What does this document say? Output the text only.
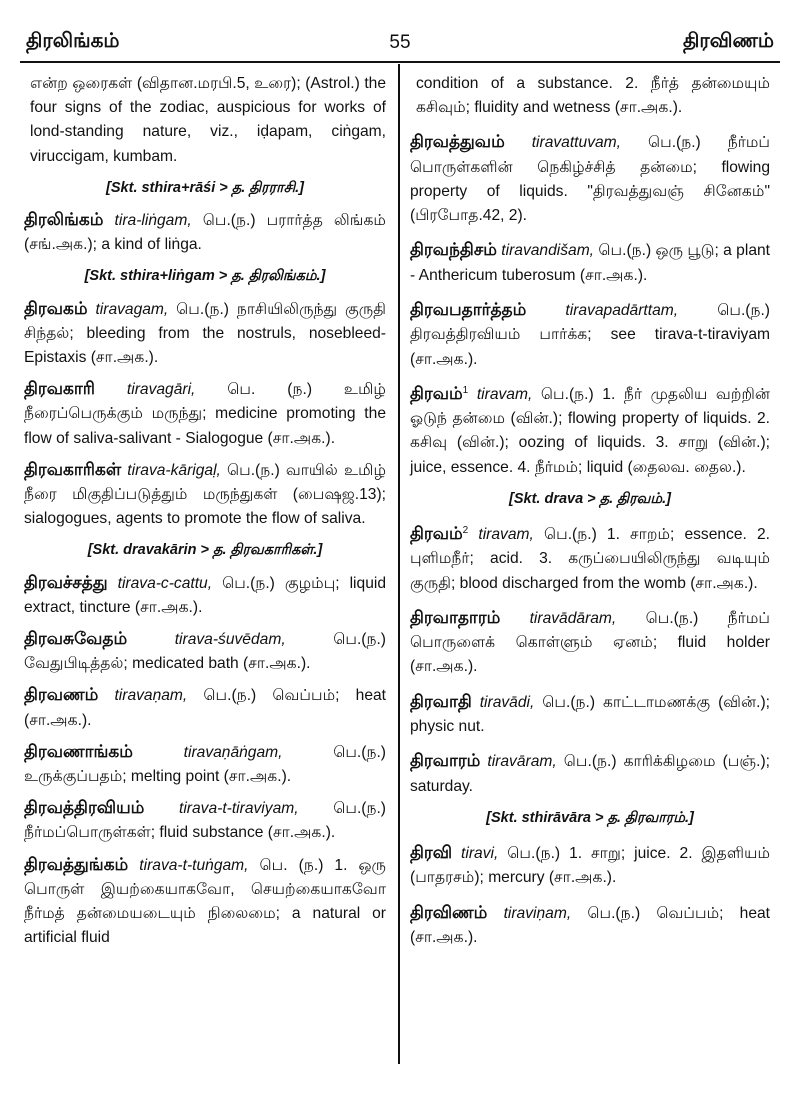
திரலிங்கம்	55	திரவிணம்

என்ற ஒரைகள் (விதான.மரபி.5, உரை); (Astrol.) the four signs of the zodiac, auspicious for works of lond-standing nature, viz., iḍapam, ciṅgam, viruccigam, kumbam.

[Skt. sthira+rāśi > த. திரராசி.]

திரலிங்கம் tira-liṅgam, பெ.(ந.) பரார்த்த லிங்கம் (சங்.அக.); a kind of liṅga.

[Skt. sthira+liṅgam > த. திரலிங்கம்.]

திரவகம் tiravagam, பெ.(ந.) நாசியிலிருந்து குருதி சிந்தல்; bleeding from the nostruls, nosebleed-Epistaxis (சா.அக.).

திரவகாரி tiravagāri, பெ. (ந.) உமிழ் நீரைப்பெருக்கும் மருந்து; medicine promoting the flow of saliva-salivant - Sialogogue (சா.அக.).

திரவகாரிகள் tirava-kārigaḷ, பெ.(ந.) வாயில் உமிழ் நீரை மிகுதிப்படுத்தும் மருந்துகள் (பைஷஜ.13); sialogogues, agents to promote the flow of saliva.

[Skt. dravakārin > த. திரவகாரிகள்.]

திரவச்சத்து tirava-c-cattu, பெ.(ந.) குழம்பு; liquid extract, tincture (சா.அக.).

திரவசுவேதம்	tirava-śuvēdam,	பெ.(ந.) வேதுபிடித்தல்; medicated bath (சா.அக.).

திரவணம் tiravaṇam, பெ.(ந.) வெப்பம்; heat (சா.அக.).

திரவணாங்கம்	tiravaṇāṅgam,	பெ.(ந.) உருக்குப்பதம்; melting point (சா.அக.).

திரவத்திரவியம் tirava-t-tiraviyam, பெ.(ந.) நீர்மப்பொருள்கள்; fluid substance (சா.அக.).

திரவத்துங்கம் tirava-t-tuṅgam, பெ. (ந.) 1. ஒரு பொருள் இயற்கையாகவோ, செயற்கையாகவோ நீர்மத் தன்மையடையும் நிலைமை; a natural or artificial fluid

condition of a substance. 2. நீர்த் தன்மையும் கசிவும்; fluidity and wetness (சா.அக.).

திரவத்துவம் tiravattuvam, பெ.(ந.) நீர்மப் பொருள்களின் நெகிழ்ச்சித் தன்மை; flowing property of liquids. "திரவத்துவஞ் சினேகம்" (பிரபோத.42, 2).

திரவந்திசம் tiravandišam, பெ.(ந.) ஒரு பூடு; a plant - Anthericum tuberosum (சா.அக.).

திரவபதார்த்தம்	tiravapadārttam,	பெ.(ந.) திரவத்திரவியம் பார்க்க; see tirava-t-tiraviyam (சா.அக.).

திரவம்$^1$ tiravam, பெ.(ந.) 1. நீர் முதலிய வற்றின் ஓடுந் தன்மை (வின்.); flowing property of liquids. 2. கசிவு (வின்.); oozing of liquids. 3. சாறு (வின்.); juice, essence. 4. நீர்மம்; liquid (தைலவ. தைல.).

[Skt. drava > த. திரவம்.]

திரவம்$^2$ tiravam, பெ.(ந.) 1. சாறம்; essence. 2. புளிமநீர்; acid. 3. கருப்பையிலிருந்து வடியும் குருதி; blood discharged from the womb (சா.அக.).

திரவாதாரம் tiravādāram, பெ.(ந.) நீர்மப் பொருளைக் கொள்ளும் ஏனம்; fluid holder (சா.அக.).

திரவாதி tiravādi, பெ.(ந.) காட்டாமணக்கு (வின்.); physic nut.

திரவாரம் tiravāram, பெ.(ந.) காரிக்கிழமை (பஞ்.); saturday.

[Skt. sthirāvāra > த. திரவாரம்.]

திரவி tiravi, பெ.(ந.) 1. சாறு; juice. 2. இதளியம் (பாதரசம்); mercury (சா.அக.).

திரவிணம் tiraviṇam, பெ.(ந.) வெப்பம்; heat (சா.அக.).
